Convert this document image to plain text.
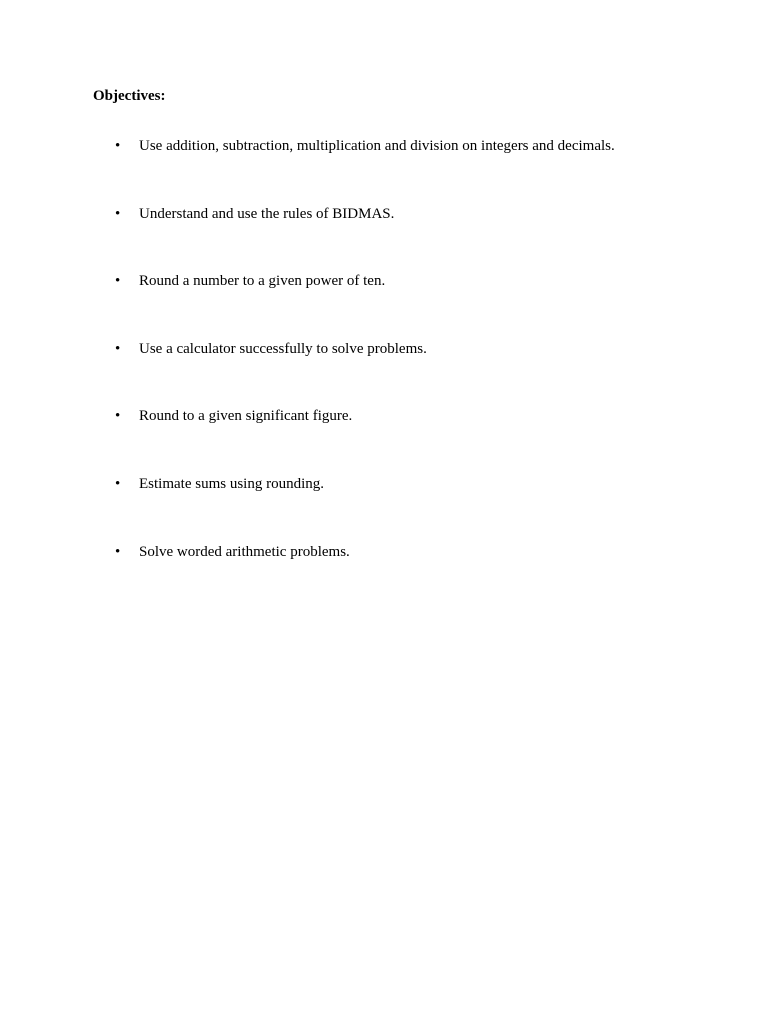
Objectives:

• Use addition, subtraction, multiplication and division on integers and decimals.
• Understand and use the rules of BIDMAS.
• Round a number to a given power of ten.
• Use a calculator successfully to solve problems.
• Round to a given significant figure.
• Estimate sums using rounding.
• Solve worded arithmetic problems.
